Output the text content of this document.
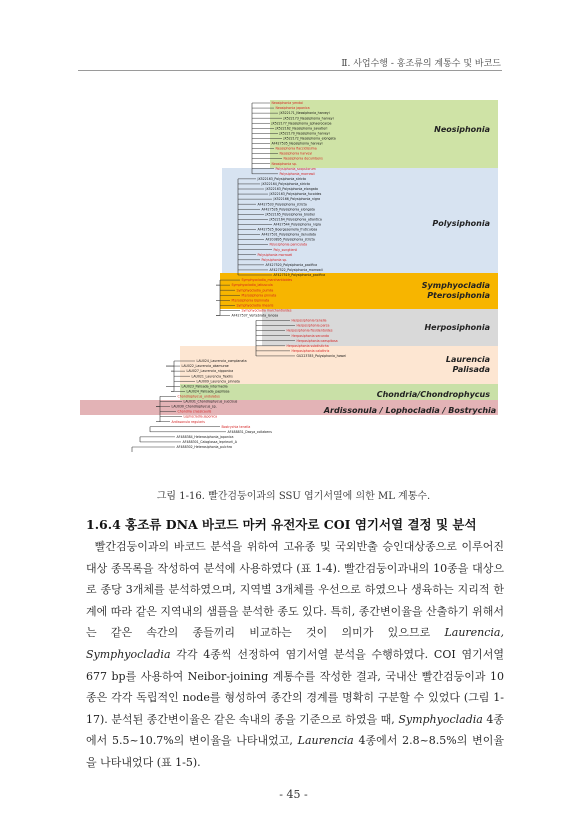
Ⅱ. 사업수행 - 홍조류의 계통수 및 바코드
Neosiphonia
Polysiphonia
Symphyocladia
Pterosiphonia
Herposiphonia
Laurencia
Palisada
Chondria/Chondrophycus
Ardissonula / Lophocladia / Bostrychia
Neosiphonia yendoi
Neosiphonia japonica
JX522171_Neosiphonia_harveyi
JX522173_Neosiphonia_harveyi
JX522177_Neosiphonia_sphaerocarpa
JX522162_Neosiphonia_savatieri
JX522170_Neosiphonia_harveyi
JX522172_Neosiphonia_elongata
AF427535_Neosiphonia_harveyi
Neosiphonia flaccidissima
Neosiphonia harveyi
Neosiphonia decumbens
Neosiphonia sp.
Polysiphonia_scopulorum
Polysiphonia_morrowii
JX522163_Polysiphonia_stricta
JX522164_Polysiphonia_stricta
JX522163_Polysiphonia_elongata
JX522163_Polysiphonia_fucoides
JX522166_Polysiphonia_nigra
AF427533_Polysiphonia_stricta
AF427526_Polysiphonia_elongata
JX522165_Polysiphonia_brodiei
JX522164_Polysiphonia_atlantica
AF427544_Polysiphonia_nigra
AF427525_Boergeseniella_fruticulosa
AF427531_Polysiphonia_denudata
AF203895_Polysiphonia_stricta
Polysiphonia paniculata
Poly_sungtienii
Polysiphonia morrowii
Polysiphonia sp.
AF427520_Polysiphonia_pacifica
AF427522_Polysiphonia_morrowii
AF427519_Polysiphonia_pacifica
Symphyocladia_marchantioides
Symphyocladia_latiuscula
Symphyocladia_pumila
Pterosiphonia pinnata
Pterosiphonia bipinnata
Symphyocladia linearis
Symphyocladia marchantioides
AF427537_Vertebrata_lanosa
Herposiphonia tenella
Herposiphonia parca
Herposiphonia fissidentoides
Herposiphonia secunda
Herposiphonia caespitosa
Herposiphonia subdisticha
Herposiphonia calothrix
GU223785_Polysiphonia_howei
LAU024_Laurencia_complanata
LAU022_Laurencia_okamurae
LAU027_Laurencia_nipponica
LAU021_Laurencia_flexilis
LAU009_Laurencia_pinnata
LAU023_Palisada_intermedia
LAU024_Palisada_papillosa
Chondrophycus_undulatus
LAU031_Chondrophycus_succisus
LAU030_Chondrophycus_sp.
Chondria crassicaulis
Lophocladia japonica
Ardissonula regularis
Bostrychia tenella
AF488831_Dasya_collabens
AF488384_Heterosiphonia_japonica
AF488301_Caloglossa_leprieurii_A
AF488302_Heterosiphonia_pulchra
그림 1-16. 빨간검둥이과의 SSU 엽기서열에 의한 ML 계통수.
1.6.4 홍조류 DNA 바코드 마커 유전자로 COI 염기서열 결정 및 분석

빨간검둥이과의 바코드 분석을 위하여 고유종 및 국외반출 승인대상종으로 이루어진 대상 종목록을 작성하여 분석에 사용하였다 (표 1-4). 빨간검둥이과내의 10종을 대상으로 종당 3개체를 분석하였으며, 지역별 3개체를 우선으로 하였으나 생육하는 지리적 한계에 따라 같은 지역내의 샘플을 분석한 종도 있다. 특히, 종간변이율을 산출하기 위해서는 같은 속간의 종들끼리 비교하는 것이 의미가 있으므로 Laurencia, Symphyocladia 각각 4종씩 선정하여 염기서열 분석을 수행하였다. COI 염기서열 677 bp를 사용하여 Neibor-joining 계통수를 작성한 결과, 국내산 빨간검둥이과 10종은 각각 독립적인 node를 형성하여 종간의 경계를 명확히 구분할 수 있었다 (그림 1-17). 분석된 종간변이율은 같은 속내의 종을 기준으로 하였을 때, Symphyocladia 4종에서 5.5~10.7%의 변이율을 나타내었고, Laurencia 4종에서 2.8~8.5%의 변이율을 나타내었다 (표 1-5).

- 45 -
